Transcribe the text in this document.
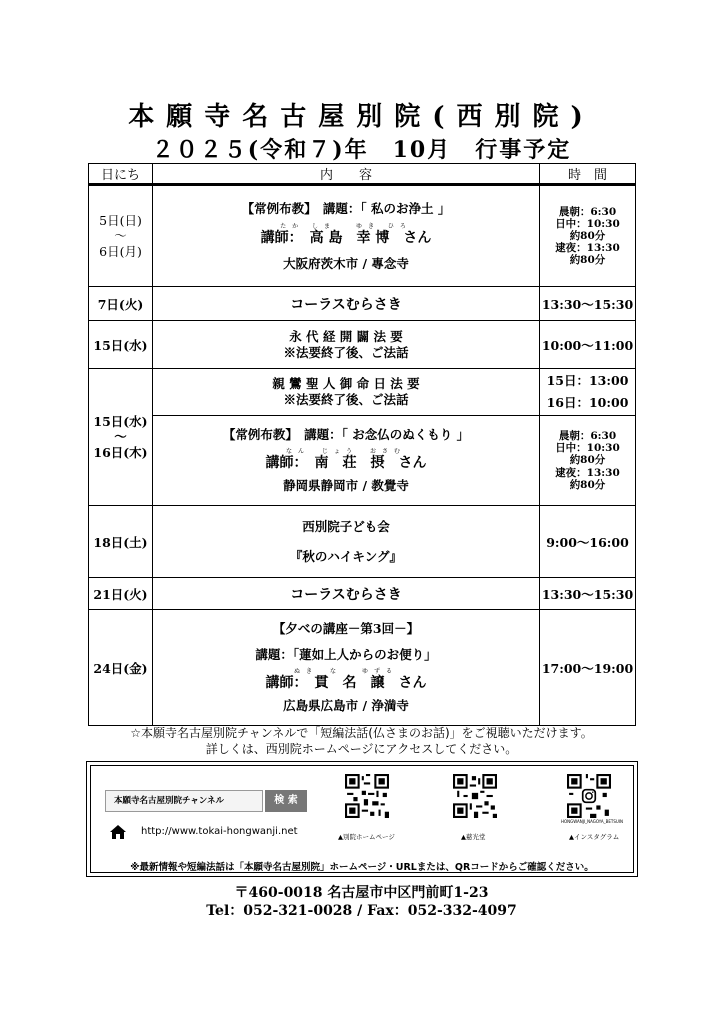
本願寺名古屋別院(西別院)
２０２５(令和７)年　10月　行事予定
日にち	内　　容	時　間

5日(日)
～
6日(月)	【常例布教】　講題：「 私のお浄土 」
たか しま　 ゆき ひろ
講師：　高 島　幸 博　さん
大阪府茨木市 / 專念寺	晨朝：6:30
日中：10:30
約80分
逮夜：13:30
約80分

7日(火)	コーラスむらさき	13:30～15:30
15日(水)	永 代 経 開 闢 法 要
※法要終了後、ご法話	10:00～11:00

15日(水)
～
16日(木)	親 鸞 聖 人 御 命 日 法 要
※法要終了後、ご法話	15日：13:00
16日：10:00

	【常例布教】　講題：「 お念仏のぬくもり 」
なん　じょう　おさむ
講師：　南　荘　摂　さん
静岡県静岡市 / 教覺寺	晨朝：6:30
日中：10:30
約80分
逮夜：13:30
約80分

18日(土)	西別院子ども会
『秋のハイキング』	9:00～16:00
21日(火)	コーラスむらさき	13:30～15:30
24日(金)	【夕べの講座－第3回－】
講題：「蓮如上人からのお便り」
ぬき　な　 ゆずる
講師：　貫　名　譲　さん
広島県広島市 / 浄満寺	17:00～19:00
☆本願寺名古屋別院チャンネルで「短編法話(仏さまのお話)」をご視聴いただけます。
詳しくは、西別院ホームページにアクセスしてください。
本願寺名古屋別院チャンネル	検 索
http://www.tokai-hongwanji.net	▲別院ホームページ	▲慈光堂
HONGWANJI_NAGOYA_BETSUIN
▲インスタグラム
※最新情報や短編法話は「本願寺名古屋別院」ホームページ・URLまたは、QRコードからご確認ください。
〒460-0018 名古屋市中区門前町1-23
Tel：052-321-0028 / Fax：052-332-4097
